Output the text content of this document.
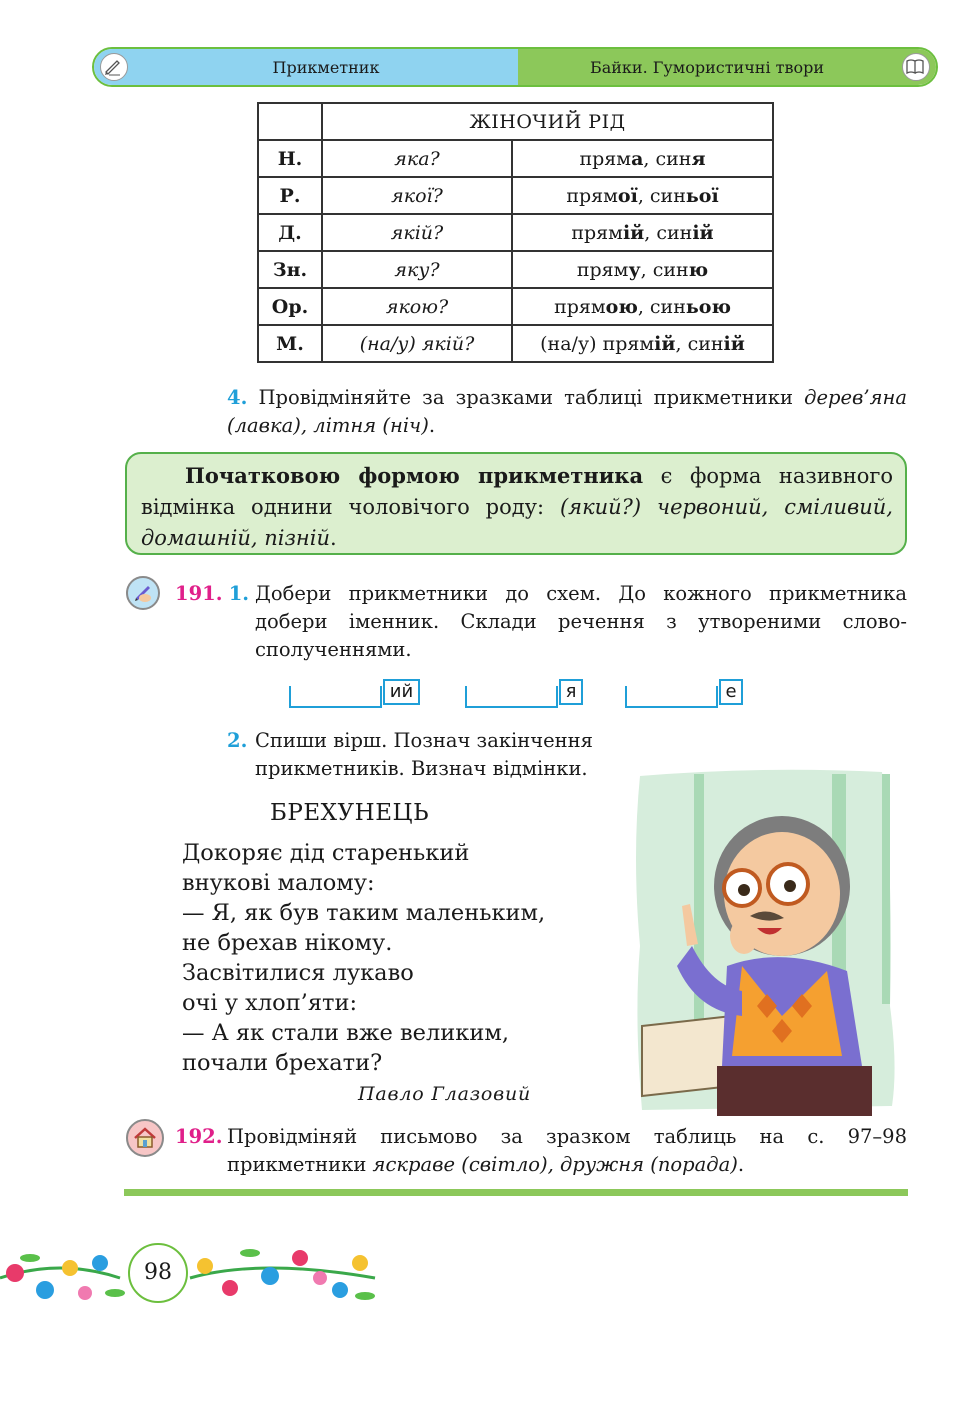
Прикметник	Байки. Гумористичні твори
	ЖІНОЧИЙ РІД	
Н.	яка?	пряма, синя
Р.	якої?	прямої, синьої
Д.	якій?	прямій, синій
Зн.	яку?	пряму, синю
Ор.	якою?	прямою, синьою
М.	(на/у) якій?	(на/у) прямій, синій
4. Провідміняйте за зразками таблиці прикметники дерев’яна (лавка), літня (ніч).
Початковою формою прикметника є форма називного відмінка однини чоловічого роду: (який?) червоний, сміливий, домашній, пізній.
191. 1. Добери прикметники до схем. До кожного прикметника добери іменник. Склади речення з утвореними словосполученнями.
ий	я	е
2. Спиши вірш. Познач закінчення прикметників. Визнач відмінки.
БРЕХУНЕЦЬ
Докоряє дід старенький
внукові малому:
— Я, як був таким маленьким,
не брехав нікому.
Засвітилися лукаво
очі у хлоп’яти:
— А як стали вже великим,
почали брехати?
Павло Глазовий
192. Провідміняй письмово за зразком таблиць на с. 97–98 прикметники яскраве (світло), дружня (порада).
98
